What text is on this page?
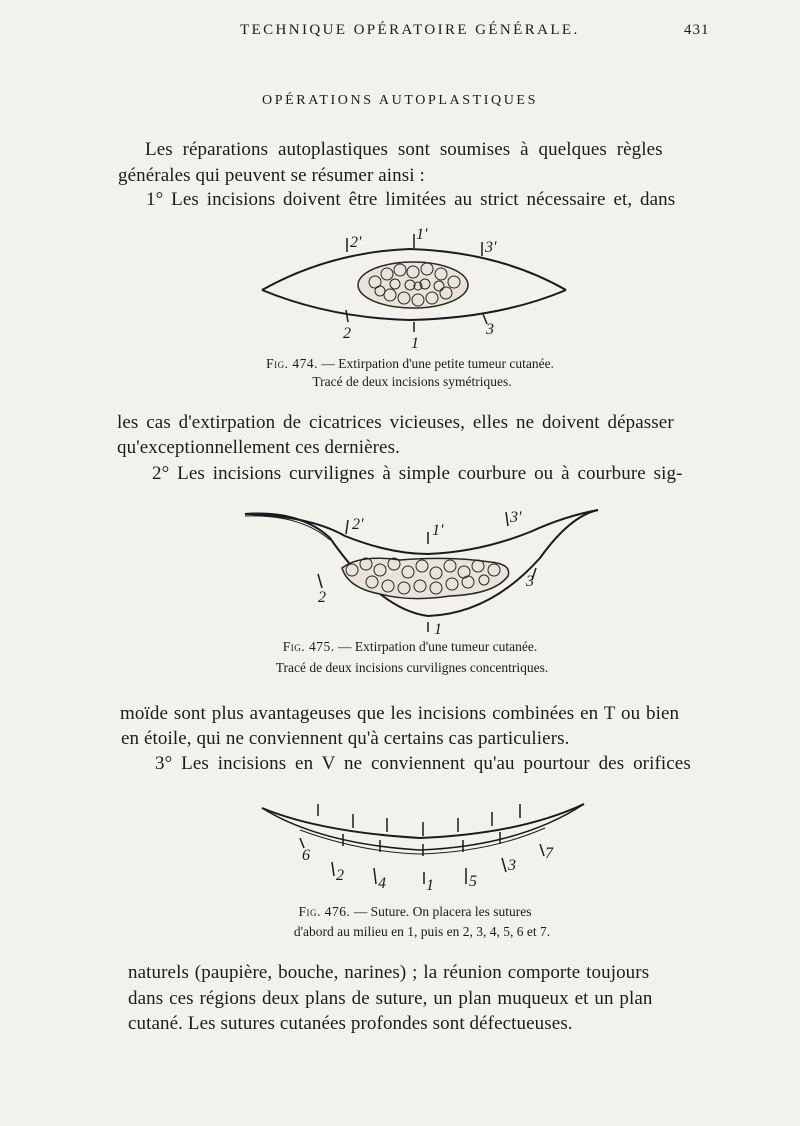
TECHNIQUE OPÉRATOIRE GÉNÉRALE.	431
OPÉRATIONS AUTOPLASTIQUES
Les réparations autoplastiques sont soumises à quelques règles
générales qui peuvent se résumer ainsi :
1° Les incisions doivent être limitées au strict nécessaire et, dans
2'	1'
3'
2
1
3
Fig. 474. — Extirpation d'une petite tumeur cutanée.
Tracé de deux incisions symétriques.
les cas d'extirpation de cicatrices vicieuses, elles ne doivent dépasser
qu'exceptionnellement ces dernières.
2° Les incisions curvilignes à simple courbure ou à courbure sig-
2'	1'
3'
2
1
3
Fig. 475. — Extirpation d'une tumeur cutanée.
Tracé de deux incisions curvilignes concentriques.
moïde sont plus avantageuses que les incisions combinées en T ou bien
en étoile, qui ne conviennent qu'à certains cas particuliers.
3° Les incisions en V ne conviennent qu'au pourtour des orifices
6
2 4	1 5
3
7
Fig. 476. — Suture. On placera les sutures
d'abord au milieu en 1, puis en 2, 3, 4, 5, 6 et 7.
naturels (paupière, bouche, narines) ; la réunion comporte toujours
dans ces régions deux plans de suture, un plan muqueux et un plan
cutané. Les sutures cutanées profondes sont défectueuses.
